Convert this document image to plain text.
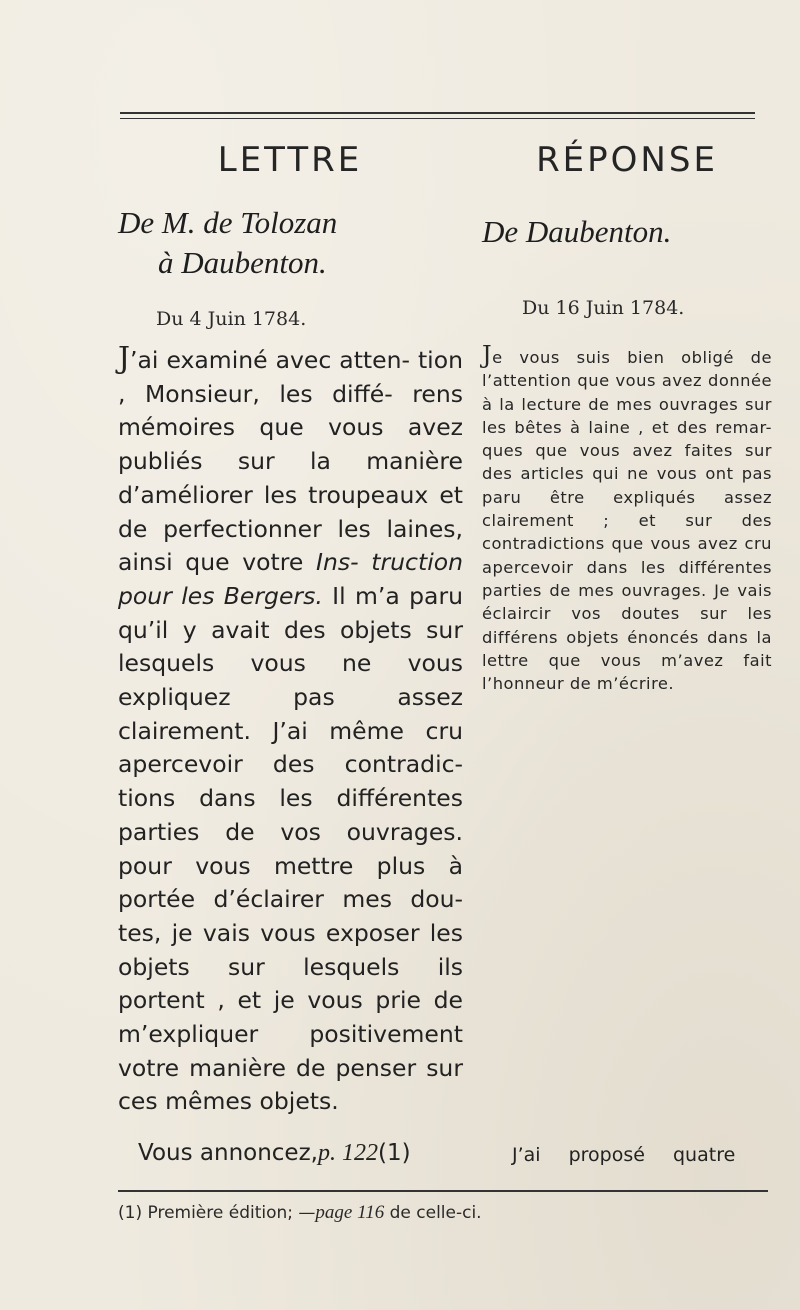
LETTRE
De M. de Tolozan
à Daubenton.
Du 4 Juin 1784.
J’ai examiné avec atten- tion , Monsieur, les diffé- rens mémoires que vous avez publiés sur la manière d’améliorer les troupeaux et de perfectionner les laines, ainsi que votre Ins- truction pour les Bergers. Il m’a paru qu’il y avait des objets sur lesquels vous ne vous expliquez pas assez clairement. J’ai même cru apercevoir des contradic- tions dans les différentes parties de vos ouvrages. pour vous mettre plus à portée d’éclairer mes dou- tes, je vais vous exposer les objets sur lesquels ils portent , et je vous prie de m’expliquer positivement votre manière de penser sur ces mêmes objets.
Vous annoncez,p. 122(1)
RÉPONSE
De Daubenton.
Du 16 Juin 1784.
Je vous suis bien obligé de l’attention que vous avez donnée à la lecture de mes ouvrages sur les bêtes à laine , et des remar- ques que vous avez faites sur des articles qui ne vous ont pas paru être expliqués assez clairement ; et sur des contradictions que vous avez cru apercevoir dans les différentes parties de mes ouvrages. Je vais éclaircir vos doutes sur les différens objets énoncés dans la lettre que vous m’avez fait l’honneur de m’écrire.
J’ai proposé quatre
(1) Première édition; —page 116 de celle-ci.
